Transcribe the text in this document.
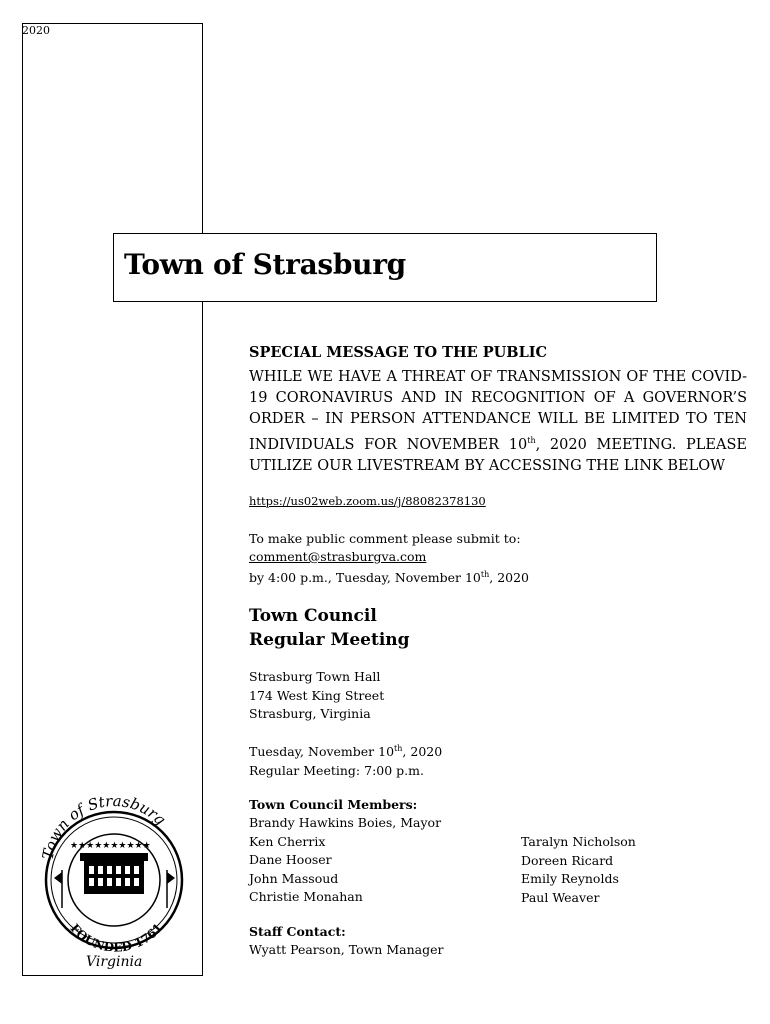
2020
Town of Strasburg
SPECIAL MESSAGE TO THE PUBLIC
WHILE WE HAVE A THREAT OF TRANSMISSION OF THE COVID-19 CORONAVIRUS AND IN RECOGNITION OF A GOVERNOR’S ORDER – IN PERSON ATTENDANCE WILL BE LIMITED TO TEN INDIVIDUALS FOR NOVEMBER 10th, 2020 MEETING. PLEASE UTILIZE OUR LIVESTREAM BY ACCESSING THE LINK BELOW
https://us02web.zoom.us/j/88082378130
To make public comment please submit to:
comment@strasburgva.com
by 4:00 p.m., Tuesday, November 10th, 2020
Town Council
Regular Meeting
Strasburg Town Hall
174 West King Street
Strasburg, Virginia
Tuesday, November 10th, 2020
Regular Meeting: 7:00 p.m.
Town Council Members:
Brandy Hawkins Boies, Mayor
Ken Cherrix
Dane Hooser
John Massoud
Christie Monahan
Taralyn Nicholson
Doreen Ricard
Emily Reynolds
Paul Weaver
Staff Contact:
Wyatt Pearson, Town Manager
Town of Strasburg
FOUNDED 1761
★★★★★★★★★★
Virginia
